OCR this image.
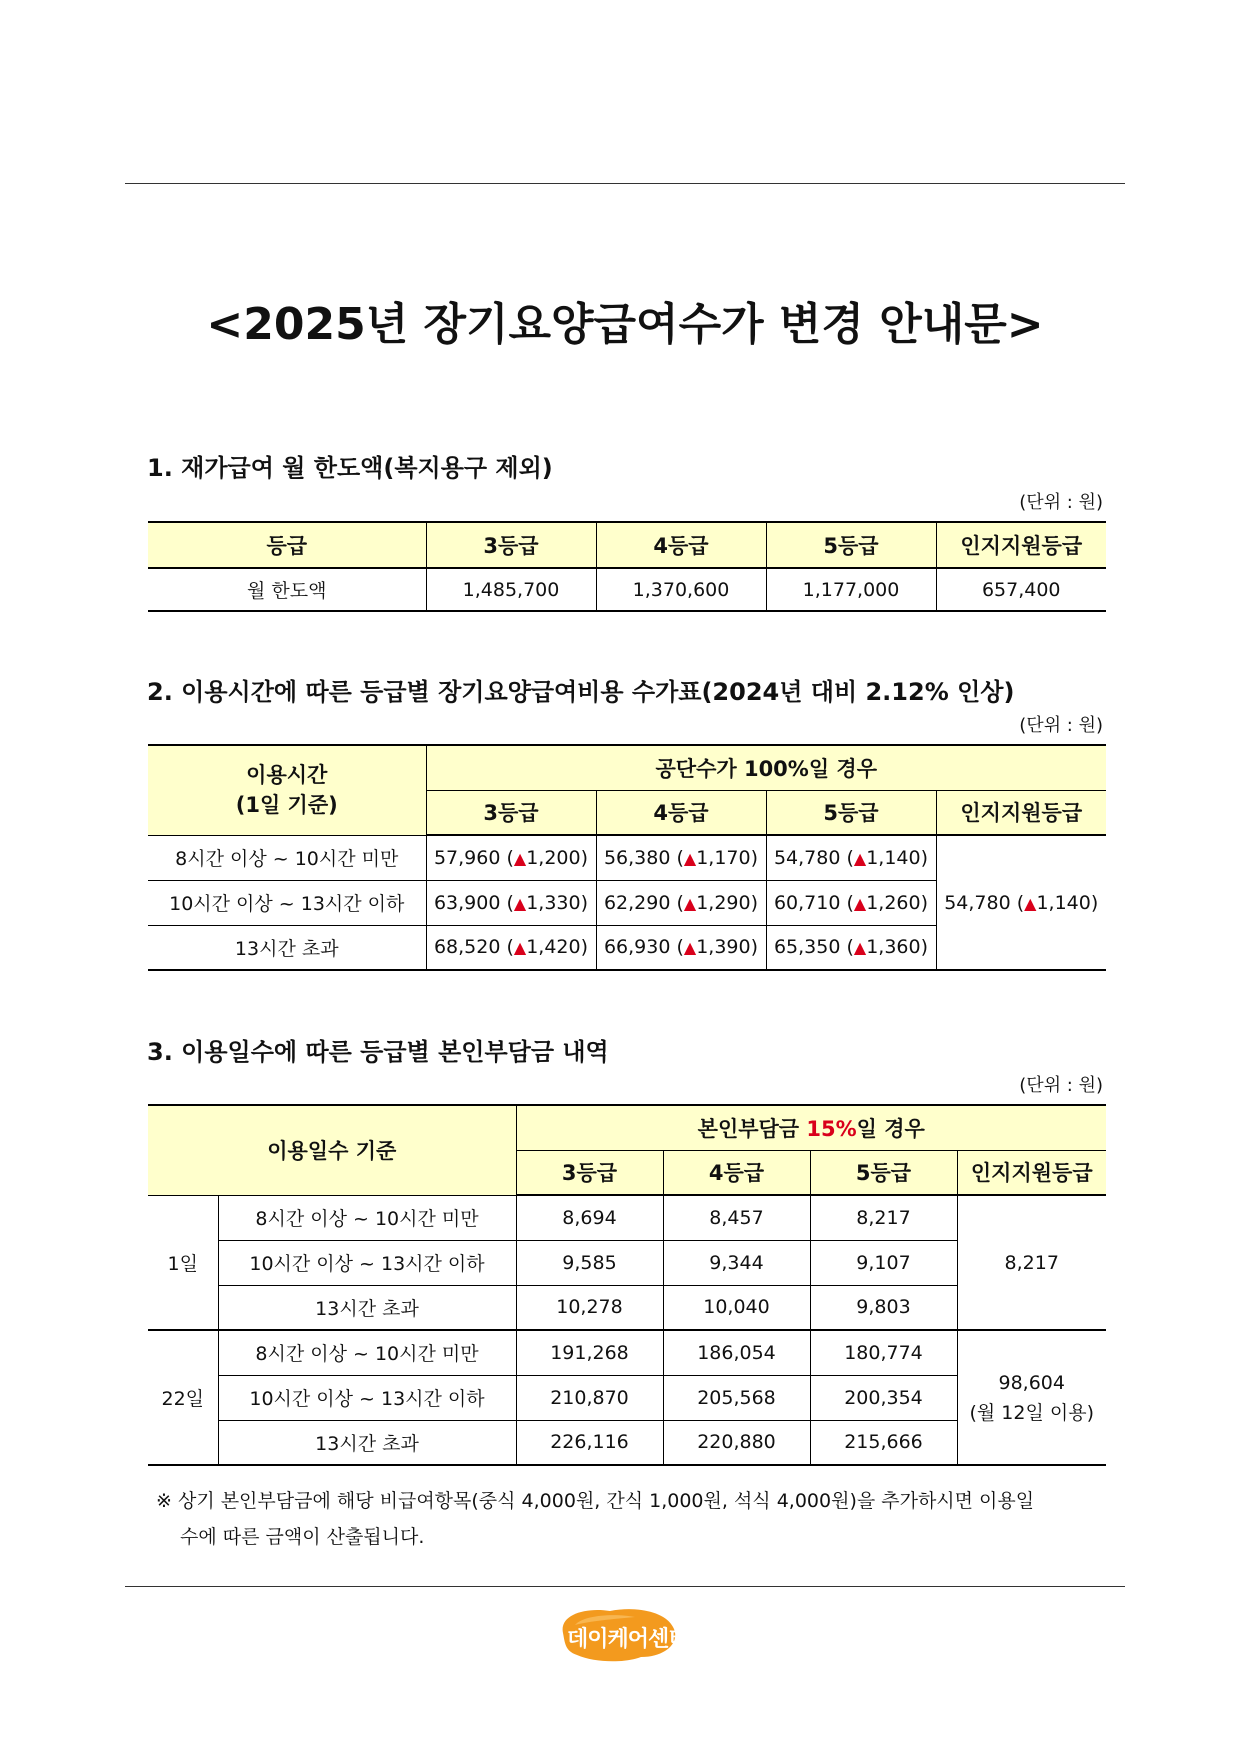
<2025년 장기요양급여수가 변경 안내문>
1. 재가급여 월 한도액(복지용구 제외)
(단위 : 원)
등급	3등급	4등급	5등급	인지지원등급
월 한도액	1,485,700	1,370,600	1,177,000	657,400
2. 이용시간에 따른 등급별 장기요양급여비용 수가표(2024년 대비 2.12% 인상)
(단위 : 원)
이용시간
(1일 기준)	공단수가 100%일 경우			
	3등급	4등급	5등급	인지지원등급
8시간 이상 ~ 10시간 미만	57,960 (▲1,200)	56,380 (▲1,170)	54,780 (▲1,140)	54,780 (▲1,140)
10시간 이상 ~ 13시간 이하	63,900 (▲1,330)	62,290 (▲1,290)	60,710 (▲1,260)	
13시간 초과	68,520 (▲1,420)	66,930 (▲1,390)	65,350 (▲1,360)	
3. 이용일수에 따른 등급별 본인부담금 내역
(단위 : 원)
이용일수 기준		본인부담금 15%일 경우			
		3등급	4등급	5등급	인지지원등급
1일	8시간 이상 ~ 10시간 미만	8,694	8,457	8,217	8,217
	10시간 이상 ~ 13시간 이하	9,585	9,344	9,107	
	13시간 초과	10,278	10,040	9,803	
22일	8시간 이상 ~ 10시간 미만	191,268	186,054	180,774	98,604
(월 12일 이용)

	10시간 이상 ~ 13시간 이하	210,870	205,568	200,354	
	13시간 초과	226,116	220,880	215,666	
※ 상기 본인부담금에 해당 비급여항목(중식 4,000원, 간식 1,000원, 석식 4,000원)을 추가하시면 이용일
수에 따른 금액이 산출됩니다.
데이케어센터
